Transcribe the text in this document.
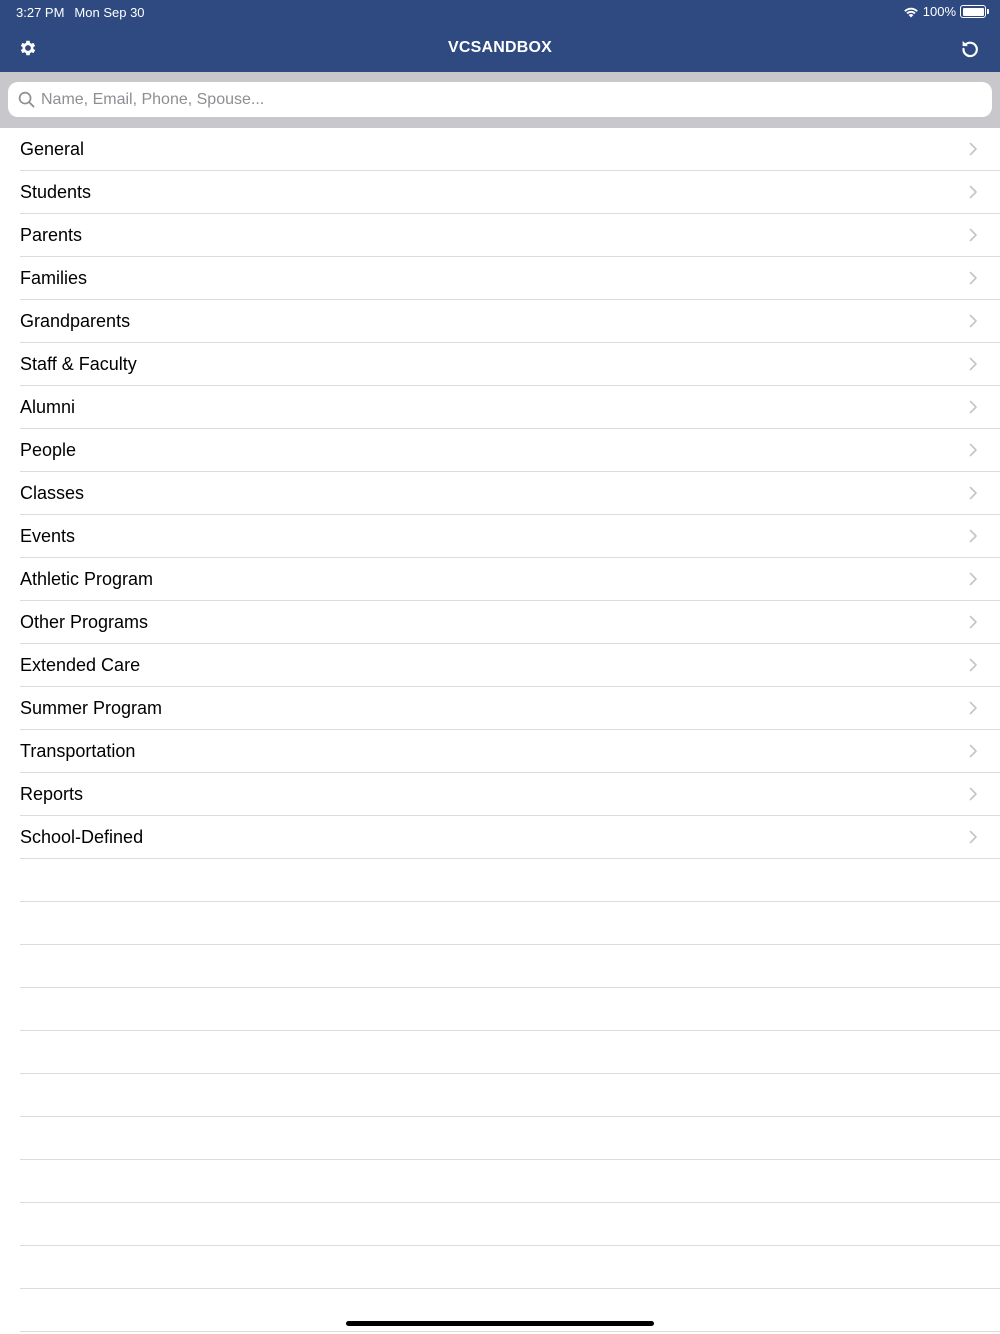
3:27 PM Mon Sep 30	100%
VCSANDBOX
Name, Email, Phone, Spouse...
General
Students
Parents
Families
Grandparents
Staff & Faculty
Alumni
People
Classes
Events
Athletic Program
Other Programs
Extended Care
Summer Program
Transportation
Reports
School-Defined
